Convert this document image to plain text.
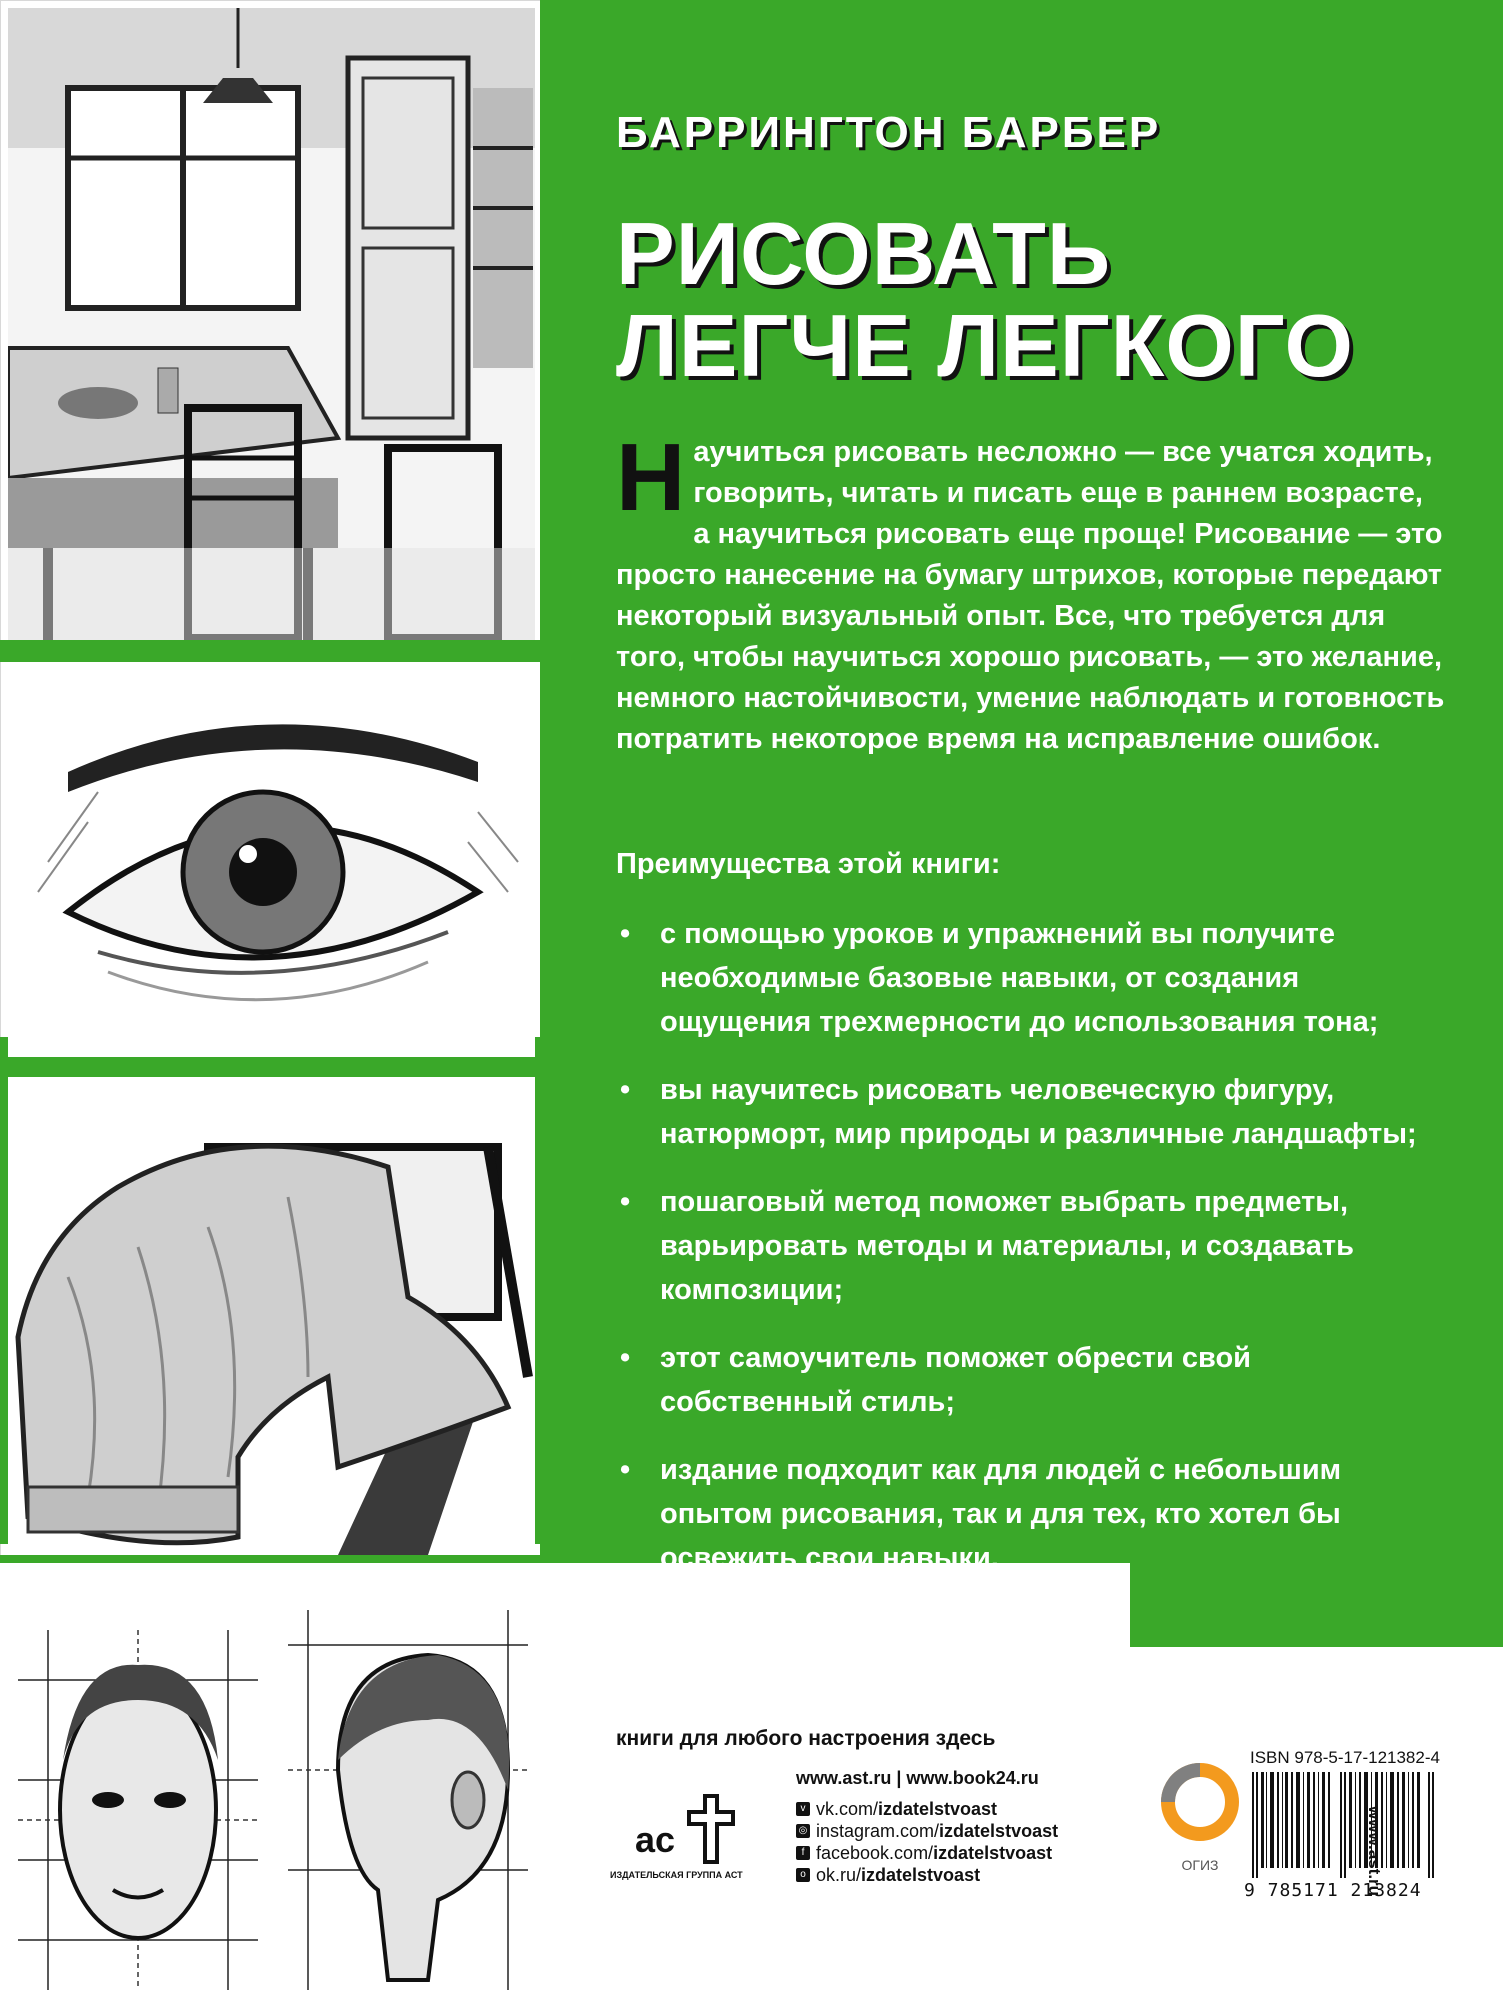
БАРРИНГТОН БАРБЕР
РИСОВАТЬ
ЛЕГЧЕ ЛЕГКОГО
Научиться рисовать несложно — все учатся ходить, говорить, читать и писать еще в раннем возрасте, а научиться рисовать еще проще! Рисование — это просто нанесение на бумагу штрихов, которые передают некоторый визуальный опыт. Все, что требуется для того, чтобы научиться хорошо рисовать, — это желание, немного настойчивости, умение наблюдать и готовность потратить некоторое время на исправление ошибок.
Преимущества этой книги:
• с помощью уроков и упражнений вы получите необходимые базовые навыки, от создания ощущения трехмерности до использования тона;
• вы научитесь рисовать человеческую фигуру, натюрморт, мир природы и различные ландшафты;
• пошаговый метод поможет выбрать предметы, варьировать методы и материалы, и создавать композиции;
• этот самоучитель поможет обрести свой собственный стиль;
• издание подходит как для людей с небольшим опытом рисования, так и для тех, кто хотел бы освежить свои навыки.
книги для любого настроения здесь
www.ast.ru | www.book24.ru
ас
ИЗДАТЕЛЬСКАЯ ГРУППА АСТ
v vk.com/ izdatelstvoast
◎ instagram.com/ izdatelstvoast
f facebook.com/ izdatelstvoast
o ok.ru/ izdatelstvoast	ОГИЗ
ISBN 978-5-17-121382-4
9 785171 213824
www.ast.ru
